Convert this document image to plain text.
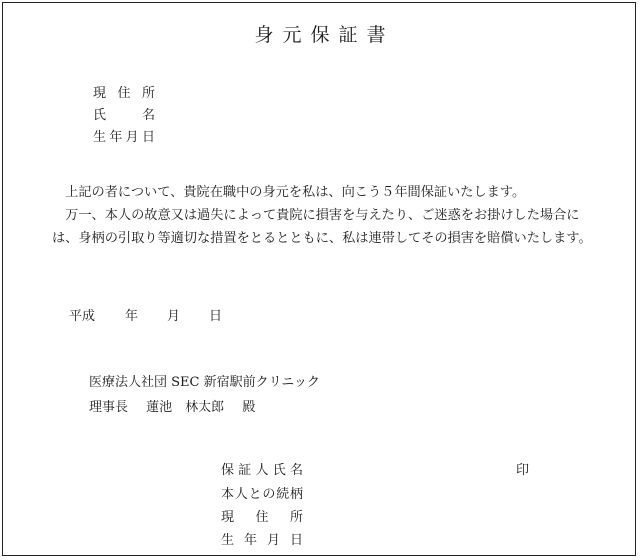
身元保証書
現 住 所
氏	名
生 年 月 日

上記の者について、貴院在職中の身元を私は、向こう５年間保証いたします。

万一、本人の故意又は過失によって貴院に損害を与えたり、ご迷惑をお掛けした場合には、身柄の引取り等適切な措置をとるとともに、私は連帯してその損害を賠償いたします。

平成	年	月	日
医療法人社団 SEC 新宿駅前クリニック
理事長 蓮池　林太郎 殿
保 証 人 氏 名	印
本 人 と の 続 柄
現 住 所
生 年 月 日
